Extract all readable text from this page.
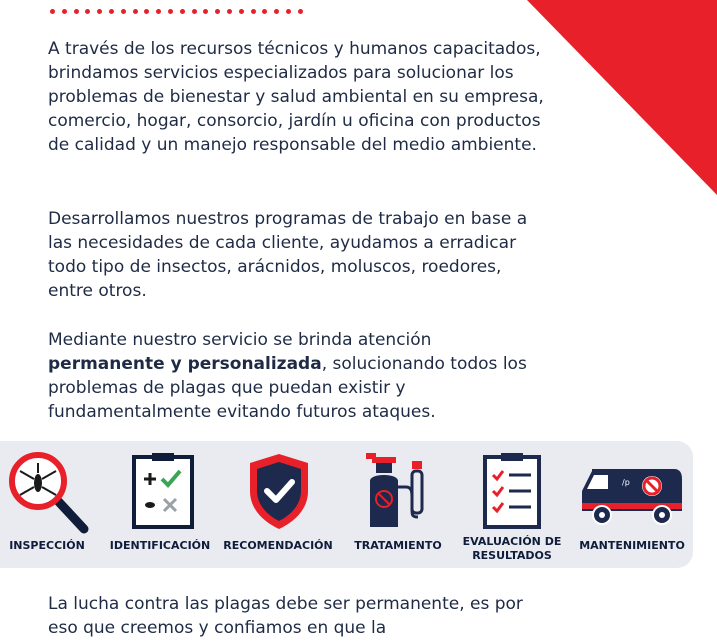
A través de los recursos técnicos y humanos capacitados, brindamos servicios especializados para solucionar los problemas de bienestar y salud ambiental en su empresa, comercio, hogar, consorcio, jardín u oficina con productos de calidad y un manejo responsable del medio ambiente.

Desarrollamos nuestros programas de trabajo en base a las necesidades de cada cliente, ayudamos a erradicar todo tipo de insectos, arácnidos, moluscos, roedores, entre otros.

Mediante nuestro servicio se brinda atención permanente y personalizada, solucionando todos los problemas de plagas que puedan existir y fundamentalmente evitando futuros ataques.

INSPECCIÓN IDENTIFICACIÓN RECOMENDACIÓN TRATAMIENTO EVALUACIÓN DE
RESULTADOS
/p
MANTENIMIENTO

La lucha contra las plagas debe ser permanente, es por eso que creemos y confiamos en que la
